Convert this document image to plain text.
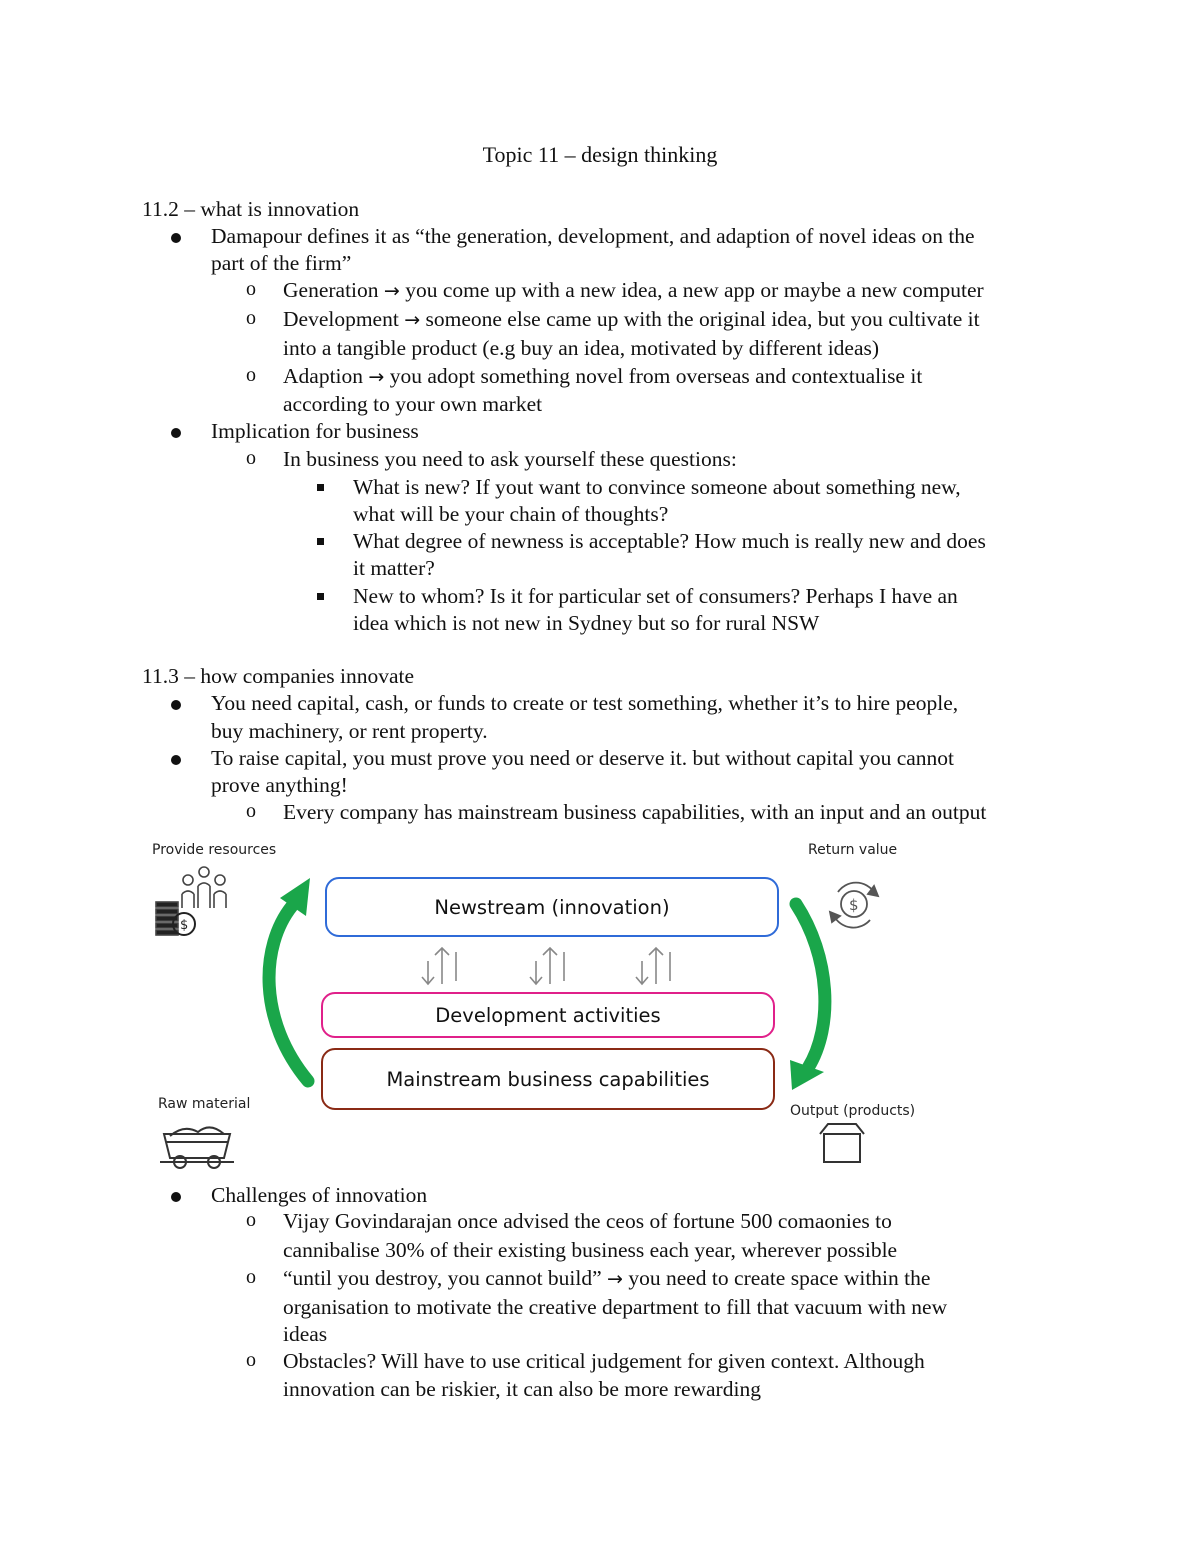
Topic 11 – design thinking
11.2 – what is innovation
Damapour defines it as “the generation, development, and adaption of novel ideas on the
part of the firm”
o Generation → you come up with a new idea, a new app or maybe a new computer
o Development → someone else came up with the original idea, but you cultivate it
into a tangible product (e.g buy an idea, motivated by different ideas)
o Adaption → you adopt something novel from overseas and contextualise it
according to your own market
Implication for business
o In business you need to ask yourself these questions:
What is new? If yout want to convince someone about something new,
what will be your chain of thoughts?
What degree of newness is acceptable? How much is really new and does
it matter?
New to whom? Is it for particular set of consumers? Perhaps I have an
idea which is not new in Sydney but so for rural NSW
11.3 – how companies innovate
You need capital, cash, or funds to create or test something, whether it’s to hire people,
buy machinery, or rent property.
To raise capital, you must prove you need or deserve it. but without capital you cannot
prove anything!
o Every company has mainstream business capabilities, with an input and an output
$
$
Provide resources	Return value
Raw material	Output (products)
Newstream (innovation)
Development activities
Mainstream business capabilities
Challenges of innovation
o Vijay Govindarajan once advised the ceos of fortune 500 comaonies to
cannibalise 30% of their existing business each year, wherever possible
o “until you destroy, you cannot build” → you need to create space within the
organisation to motivate the creative department to fill that vacuum with new
ideas
o Obstacles? Will have to use critical judgement for given context. Although
innovation can be riskier, it can also be more rewarding
